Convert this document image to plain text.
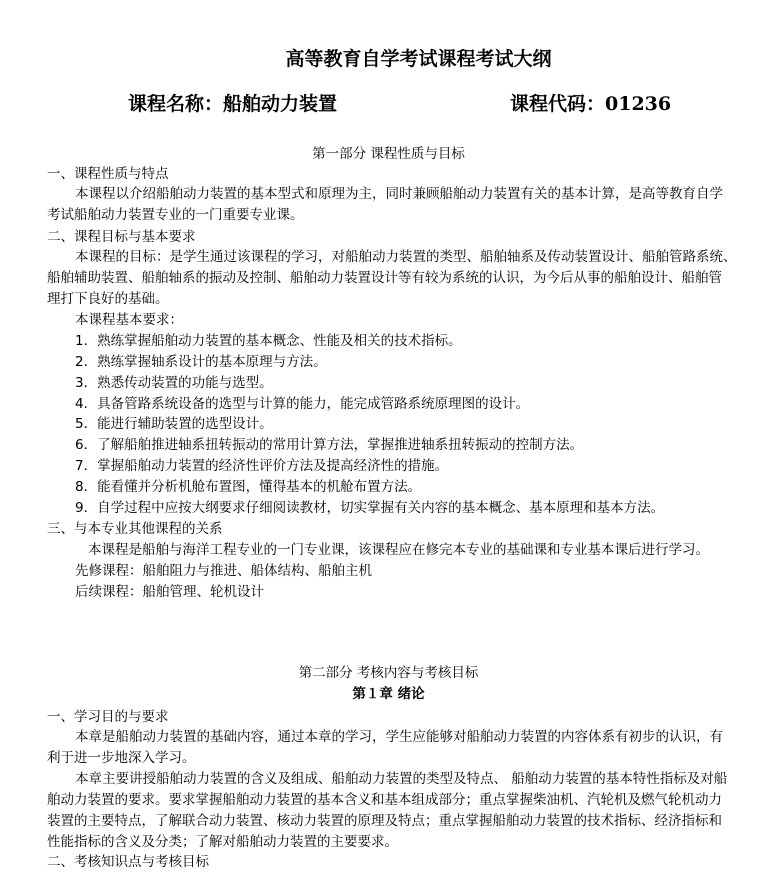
高等教育自学考试课程考试大纲
课程名称：船舶动力装置	课程代码：01236
第一部分 课程性质与目标
一、课程性质与特点
本课程以介绍船舶动力装置的基本型式和原理为主，同时兼顾船舶动力装置有关的基本计算，是高等教育自学
考试船舶动力装置专业的一门重要专业课。
二、课程目标与基本要求
本课程的目标：是学生通过该课程的学习，对船舶动力装置的类型、船舶轴系及传动装置设计、船舶管路系统、
船舶辅助装置、船舶轴系的振动及控制、船舶动力装置设计等有较为系统的认识，为今后从事的船舶设计、船舶管
理打下良好的基础。
本课程基本要求：
1．熟练掌握船舶动力装置的基本概念、性能及相关的技术指标。
2．熟练掌握轴系设计的基本原理与方法。
3．熟悉传动装置的功能与选型。
4．具备管路系统设备的选型与计算的能力，能完成管路系统原理图的设计。
5．能进行辅助装置的选型设计。
6．了解船舶推进轴系扭转振动的常用计算方法，掌握推进轴系扭转振动的控制方法。
7．掌握船舶动力装置的经济性评价方法及提高经济性的措施。
8．能看懂并分析机舱布置图，懂得基本的机舱布置方法。
9．自学过程中应按大纲要求仔细阅读教材，切实掌握有关内容的基本概念、基本原理和基本方法。
三、与本专业其他课程的关系
本课程是船舶与海洋工程专业的一门专业课，该课程应在修完本专业的基础课和专业基本课后进行学习。
先修课程：船舶阻力与推进、船体结构、船舶主机
后续课程：船舶管理、轮机设计
第二部分 考核内容与考核目标
第１章 绪论
一、学习目的与要求
本章是船舶动力装置的基础内容，通过本章的学习，学生应能够对船舶动力装置的内容体系有初步的认识，有
利于进一步地深入学习。
本章主要讲授船舶动力装置的含义及组成、船舶动力装置的类型及特点、 船舶动力装置的基本特性指标及对船
舶动力装置的要求。要求掌握船舶动力装置的基本含义和基本组成部分；重点掌握柴油机、汽轮机及燃气轮机动力
装置的主要特点，了解联合动力装置、核动力装置的原理及特点；重点掌握船舶动力装置的技术指标、经济指标和
性能指标的含义及分类；了解对船舶动力装置的主要要求。
二、考核知识点与考核目标
